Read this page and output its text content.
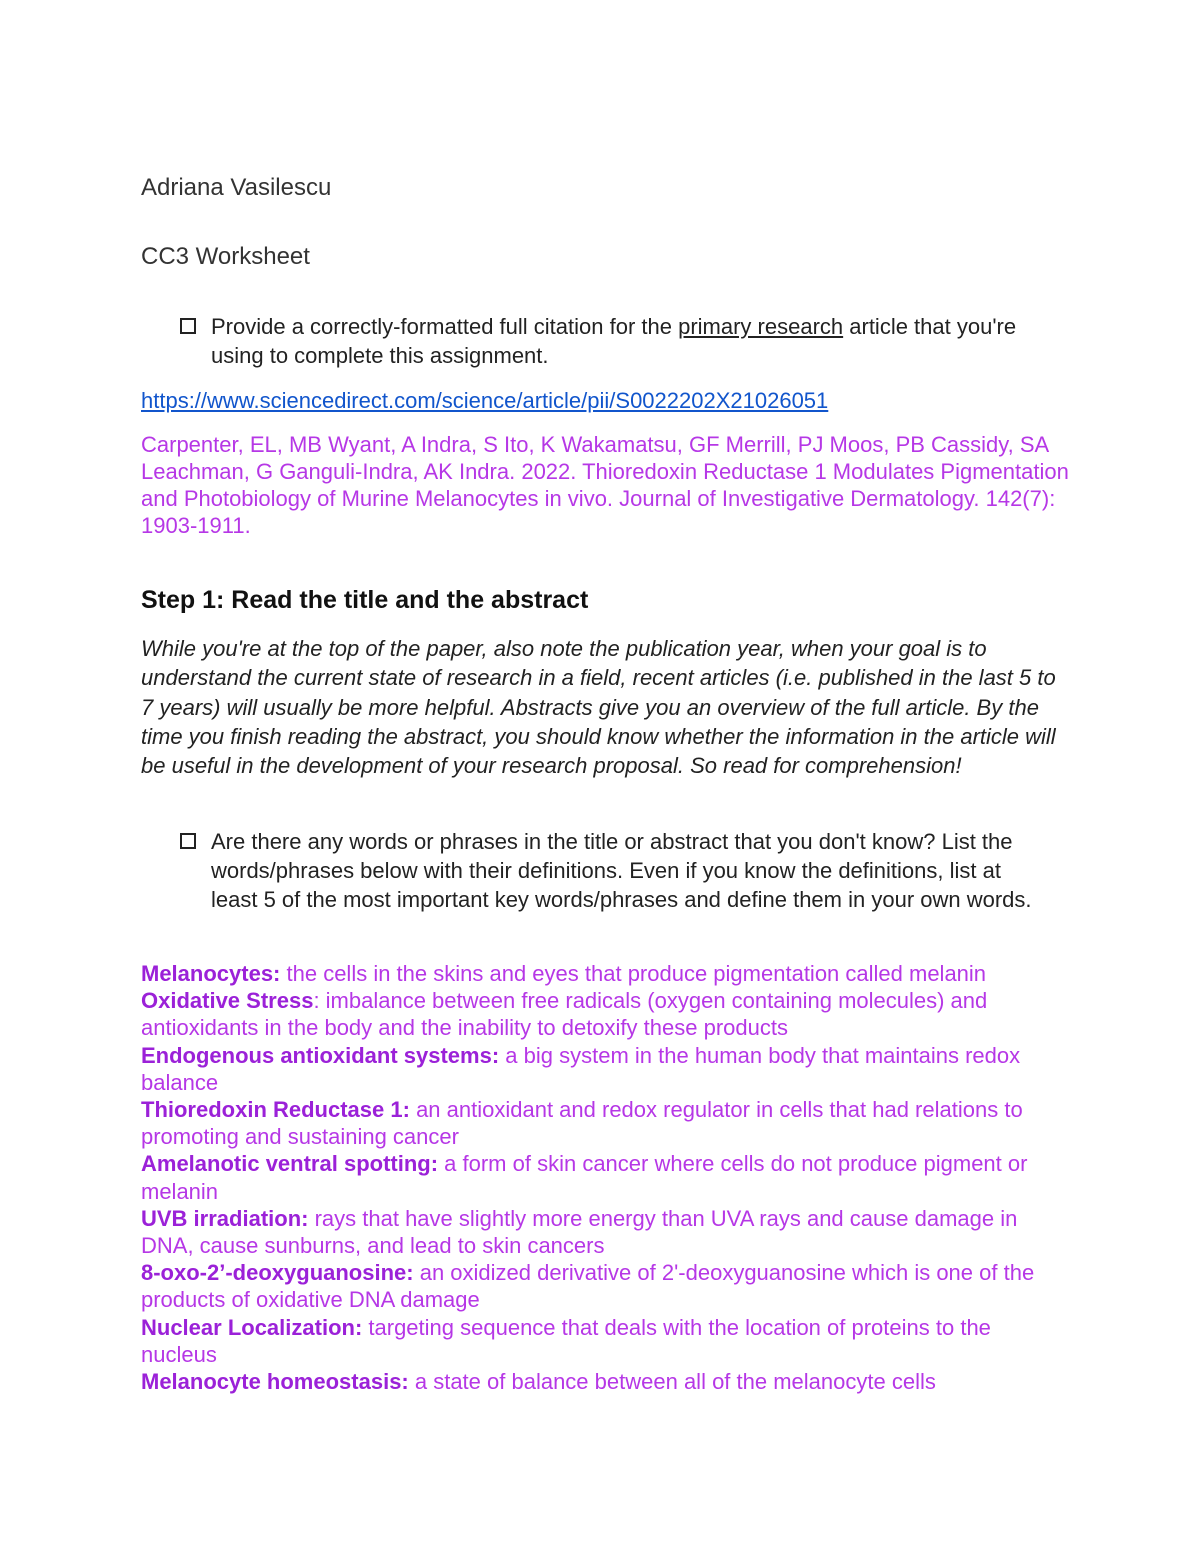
Adriana Vasilescu
CC3 Worksheet
Provide a correctly-formatted full citation for the primary research article that you're using to complete this assignment.
https://www.sciencedirect.com/science/article/pii/S0022202X21026051
Carpenter, EL, MB Wyant, A Indra, S Ito, K Wakamatsu, GF Merrill, PJ Moos, PB Cassidy, SA Leachman, G Ganguli-Indra, AK Indra. 2022. Thioredoxin Reductase 1 Modulates Pigmentation and Photobiology of Murine Melanocytes in vivo. Journal of Investigative Dermatology. 142(7): 1903-1911.
Step 1: Read the title and the abstract
While you're at the top of the paper, also note the publication year, when your goal is to understand the current state of research in a field, recent articles (i.e. published in the last 5 to 7 years) will usually be more helpful. Abstracts give you an overview of the full article. By the time you finish reading the abstract, you should know whether the information in the article will be useful in the development of your research proposal. So read for comprehension!
Are there any words or phrases in the title or abstract that you don't know? List the words/phrases below with their definitions. Even if you know the definitions, list at least 5 of the most important key words/phrases and define them in your own words.
Melanocytes: the cells in the skins and eyes that produce pigmentation called melanin
Oxidative Stress: imbalance between free radicals (oxygen containing molecules) and antioxidants in the body and the inability to detoxify these products
Endogenous antioxidant systems: a big system in the human body that maintains redox balance
Thioredoxin Reductase 1: an antioxidant and redox regulator in cells that had relations to promoting and sustaining cancer
Amelanotic ventral spotting: a form of skin cancer where cells do not produce pigment or melanin
UVB irradiation: rays that have slightly more energy than UVA rays and cause damage in DNA, cause sunburns, and lead to skin cancers
8-oxo-2’-deoxyguanosine: an oxidized derivative of 2'-deoxyguanosine which is one of the products of oxidative DNA damage
Nuclear Localization: targeting sequence that deals with the location of proteins to the nucleus
Melanocyte homeostasis: a state of balance between all of the melanocyte cells
